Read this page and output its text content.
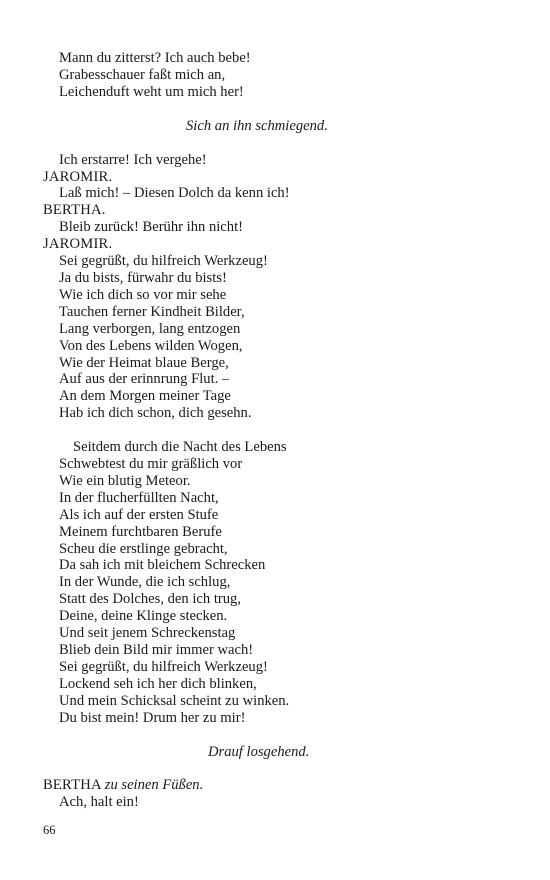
Mann du zitterst? Ich auch bebe!
Grabesschauer faßt mich an,
Leichenduft weht um mich her!
Sich an ihn schmiegend.
Ich erstarre! Ich vergehe!
JAROMIR.
Laß mich! – Diesen Dolch da kenn ich!
BERTHA.
Bleib zurück! Berühr ihn nicht!
JAROMIR.
Sei gegrüßt, du hilfreich Werkzeug!
Ja du bists, fürwahr du bists!
Wie ich dich so vor mir sehe
Tauchen ferner Kindheit Bilder,
Lang verborgen, lang entzogen
Von des Lebens wilden Wogen,
Wie der Heimat blaue Berge,
Auf aus der erinnrung Flut. –
An dem Morgen meiner Tage
Hab ich dich schon, dich gesehn.
Seitdem durch die Nacht des Lebens
Schwebtest du mir gräßlich vor
Wie ein blutig Meteor.
In der flucherfüllten Nacht,
Als ich auf der ersten Stufe
Meinem furchtbaren Berufe
Scheu die erstlinge gebracht,
Da sah ich mit bleichem Schrecken
In der Wunde, die ich schlug,
Statt des Dolches, den ich trug,
Deine, deine Klinge stecken.
Und seit jenem Schreckenstag
Blieb dein Bild mir immer wach!
Sei gegrüßt, du hilfreich Werkzeug!
Lockend seh ich her dich blinken,
Und mein Schicksal scheint zu winken.
Du bist mein! Drum her zu mir!
Drauf losgehend.
BERTHA zu seinen Füßen.
Ach, halt ein!
66
